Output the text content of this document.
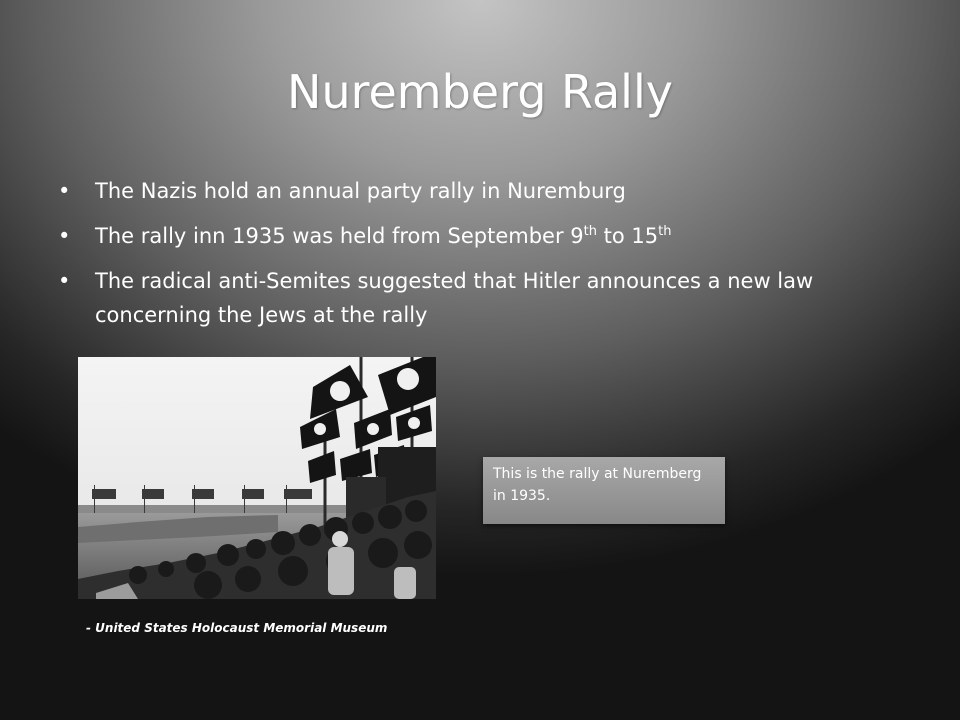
Nuremberg Rally
• The Nazis hold an annual party rally in Nuremburg
• The rally inn 1935 was held from September 9th to 15th
• The radical anti-Semites suggested that Hitler announces a new law concerning the Jews at the rally
This is the rally at Nuremberg in 1935.
- United States Holocaust Memorial Museum
